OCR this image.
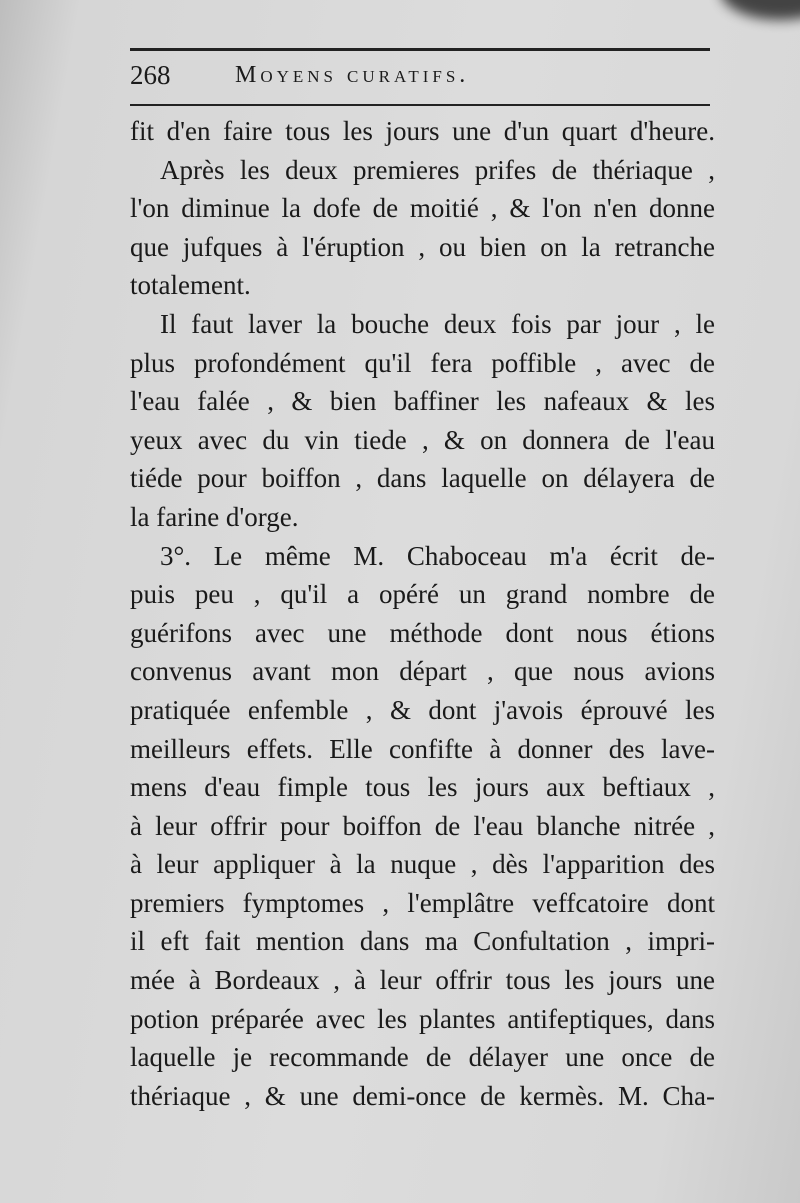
268	Moyens curatifs.
fit d'en faire tous les jours une d'un quart d'heure.
Après les deux premieres prifes de thériaque ,
l'on diminue la dofe de moitié , & l'on n'en donne
que jufques à l'éruption , ou bien on la retranche
totalement.
Il faut laver la bouche deux fois par jour , le
plus profondément qu'il fera poffible , avec de
l'eau falée , & bien baffiner les nafeaux & les
yeux avec du vin tiede , & on donnera de l'eau
tiéde pour boiffon , dans laquelle on délayera de
la farine d'orge.
3°. Le même M. Chaboceau m'a écrit de-
puis peu , qu'il a opéré un grand nombre de
guérifons avec une méthode dont nous étions
convenus avant mon départ , que nous avions
pratiquée enfemble , & dont j'avois éprouvé les
meilleurs effets. Elle confifte à donner des lave-
mens d'eau fimple tous les jours aux beftiaux ,
à leur offrir pour boiffon de l'eau blanche nitrée ,
à leur appliquer à la nuque , dès l'apparition des
premiers fymptomes , l'emplâtre veffcatoire dont
il eft fait mention dans ma Confultation , impri-
mée à Bordeaux , à leur offrir tous les jours une
potion préparée avec les plantes antifeptiques, dans
laquelle je recommande de délayer une once de
thériaque , & une demi-once de kermès. M. Cha-
